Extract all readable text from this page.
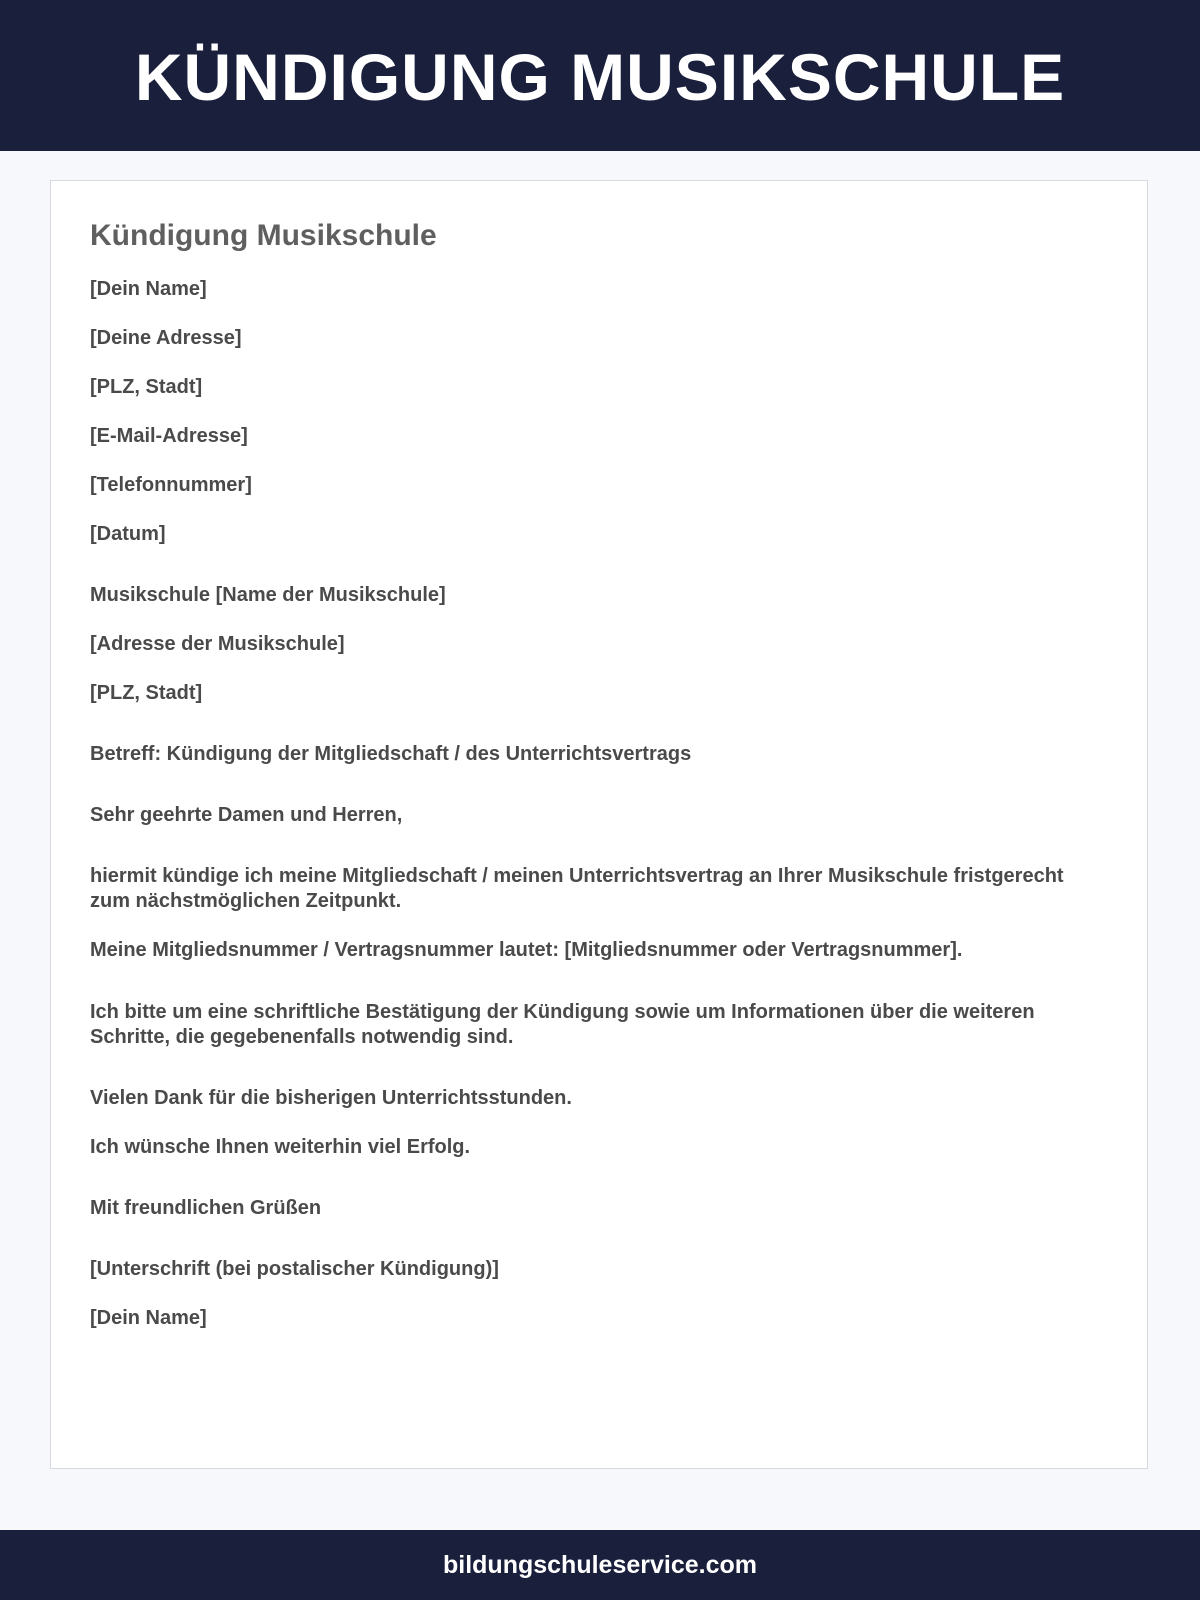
KÜNDIGUNG MUSIKSCHULE
Kündigung Musikschule

[Dein Name]

[Deine Adresse]

[PLZ, Stadt]

[E-Mail-Adresse]

[Telefonnummer]

[Datum]

Musikschule [Name der Musikschule]

[Adresse der Musikschule]

[PLZ, Stadt]

Betreff: Kündigung der Mitgliedschaft / des Unterrichtsvertrags

Sehr geehrte Damen und Herren,

hiermit kündige ich meine Mitgliedschaft / meinen Unterrichtsvertrag an Ihrer Musikschule fristgerecht zum nächstmöglichen Zeitpunkt.

Meine Mitgliedsnummer / Vertragsnummer lautet: [Mitgliedsnummer oder Vertragsnummer].

Ich bitte um eine schriftliche Bestätigung der Kündigung sowie um Informationen über die weiteren Schritte, die gegebenenfalls notwendig sind.

Vielen Dank für die bisherigen Unterrichtsstunden.

Ich wünsche Ihnen weiterhin viel Erfolg.

Mit freundlichen Grüßen

[Unterschrift (bei postalischer Kündigung)]

[Dein Name]

bildungschuleservice.com
